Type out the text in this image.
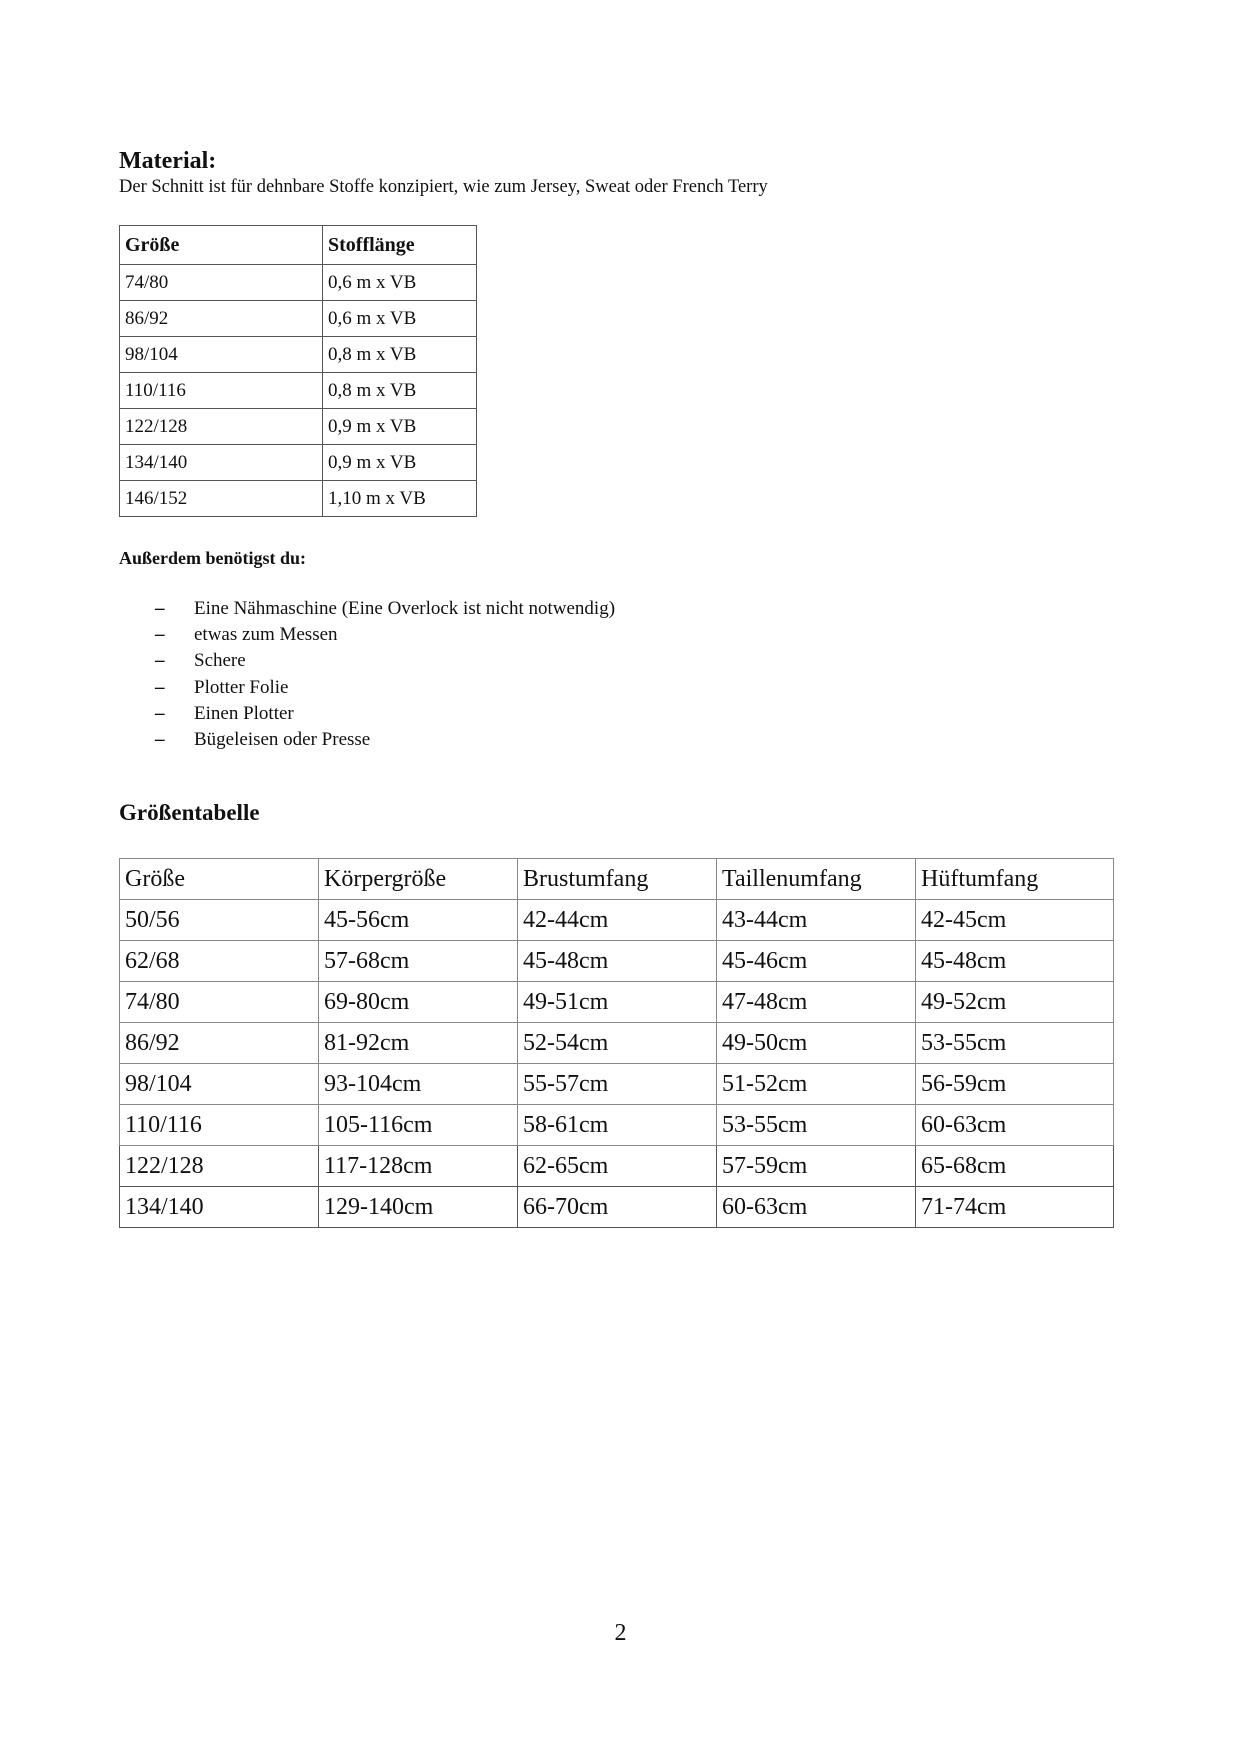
Material:
Der Schnitt ist für dehnbare Stoffe konzipiert, wie zum Jersey, Sweat oder French Terry
Größe	Stofflänge
74/80	0,6 m x VB
86/92	0,6 m x VB
98/104	0,8 m x VB
110/116	0,8 m x VB
122/128	0,9 m x VB
134/140	0,9 m x VB
146/152	1,10 m x VB
Außerdem benötigst du:
–	Eine Nähmaschine (Eine Overlock ist nicht notwendig)
–	etwas zum Messen
–	Schere
–	Plotter Folie
–	Einen Plotter
–	Bügeleisen oder Presse
Größentabelle
Größe	Körpergröße	Brustumfang	Taillenumfang	Hüftumfang
50/56	45-56cm	42-44cm	43-44cm	42-45cm
62/68	57-68cm	45-48cm	45-46cm	45-48cm
74/80	69-80cm	49-51cm	47-48cm	49-52cm
86/92	81-92cm	52-54cm	49-50cm	53-55cm
98/104	93-104cm	55-57cm	51-52cm	56-59cm
110/116	105-116cm	58-61cm	53-55cm	60-63cm
122/128	117-128cm	62-65cm	57-59cm	65-68cm
134/140	129-140cm	66-70cm	60-63cm	71-74cm
2
